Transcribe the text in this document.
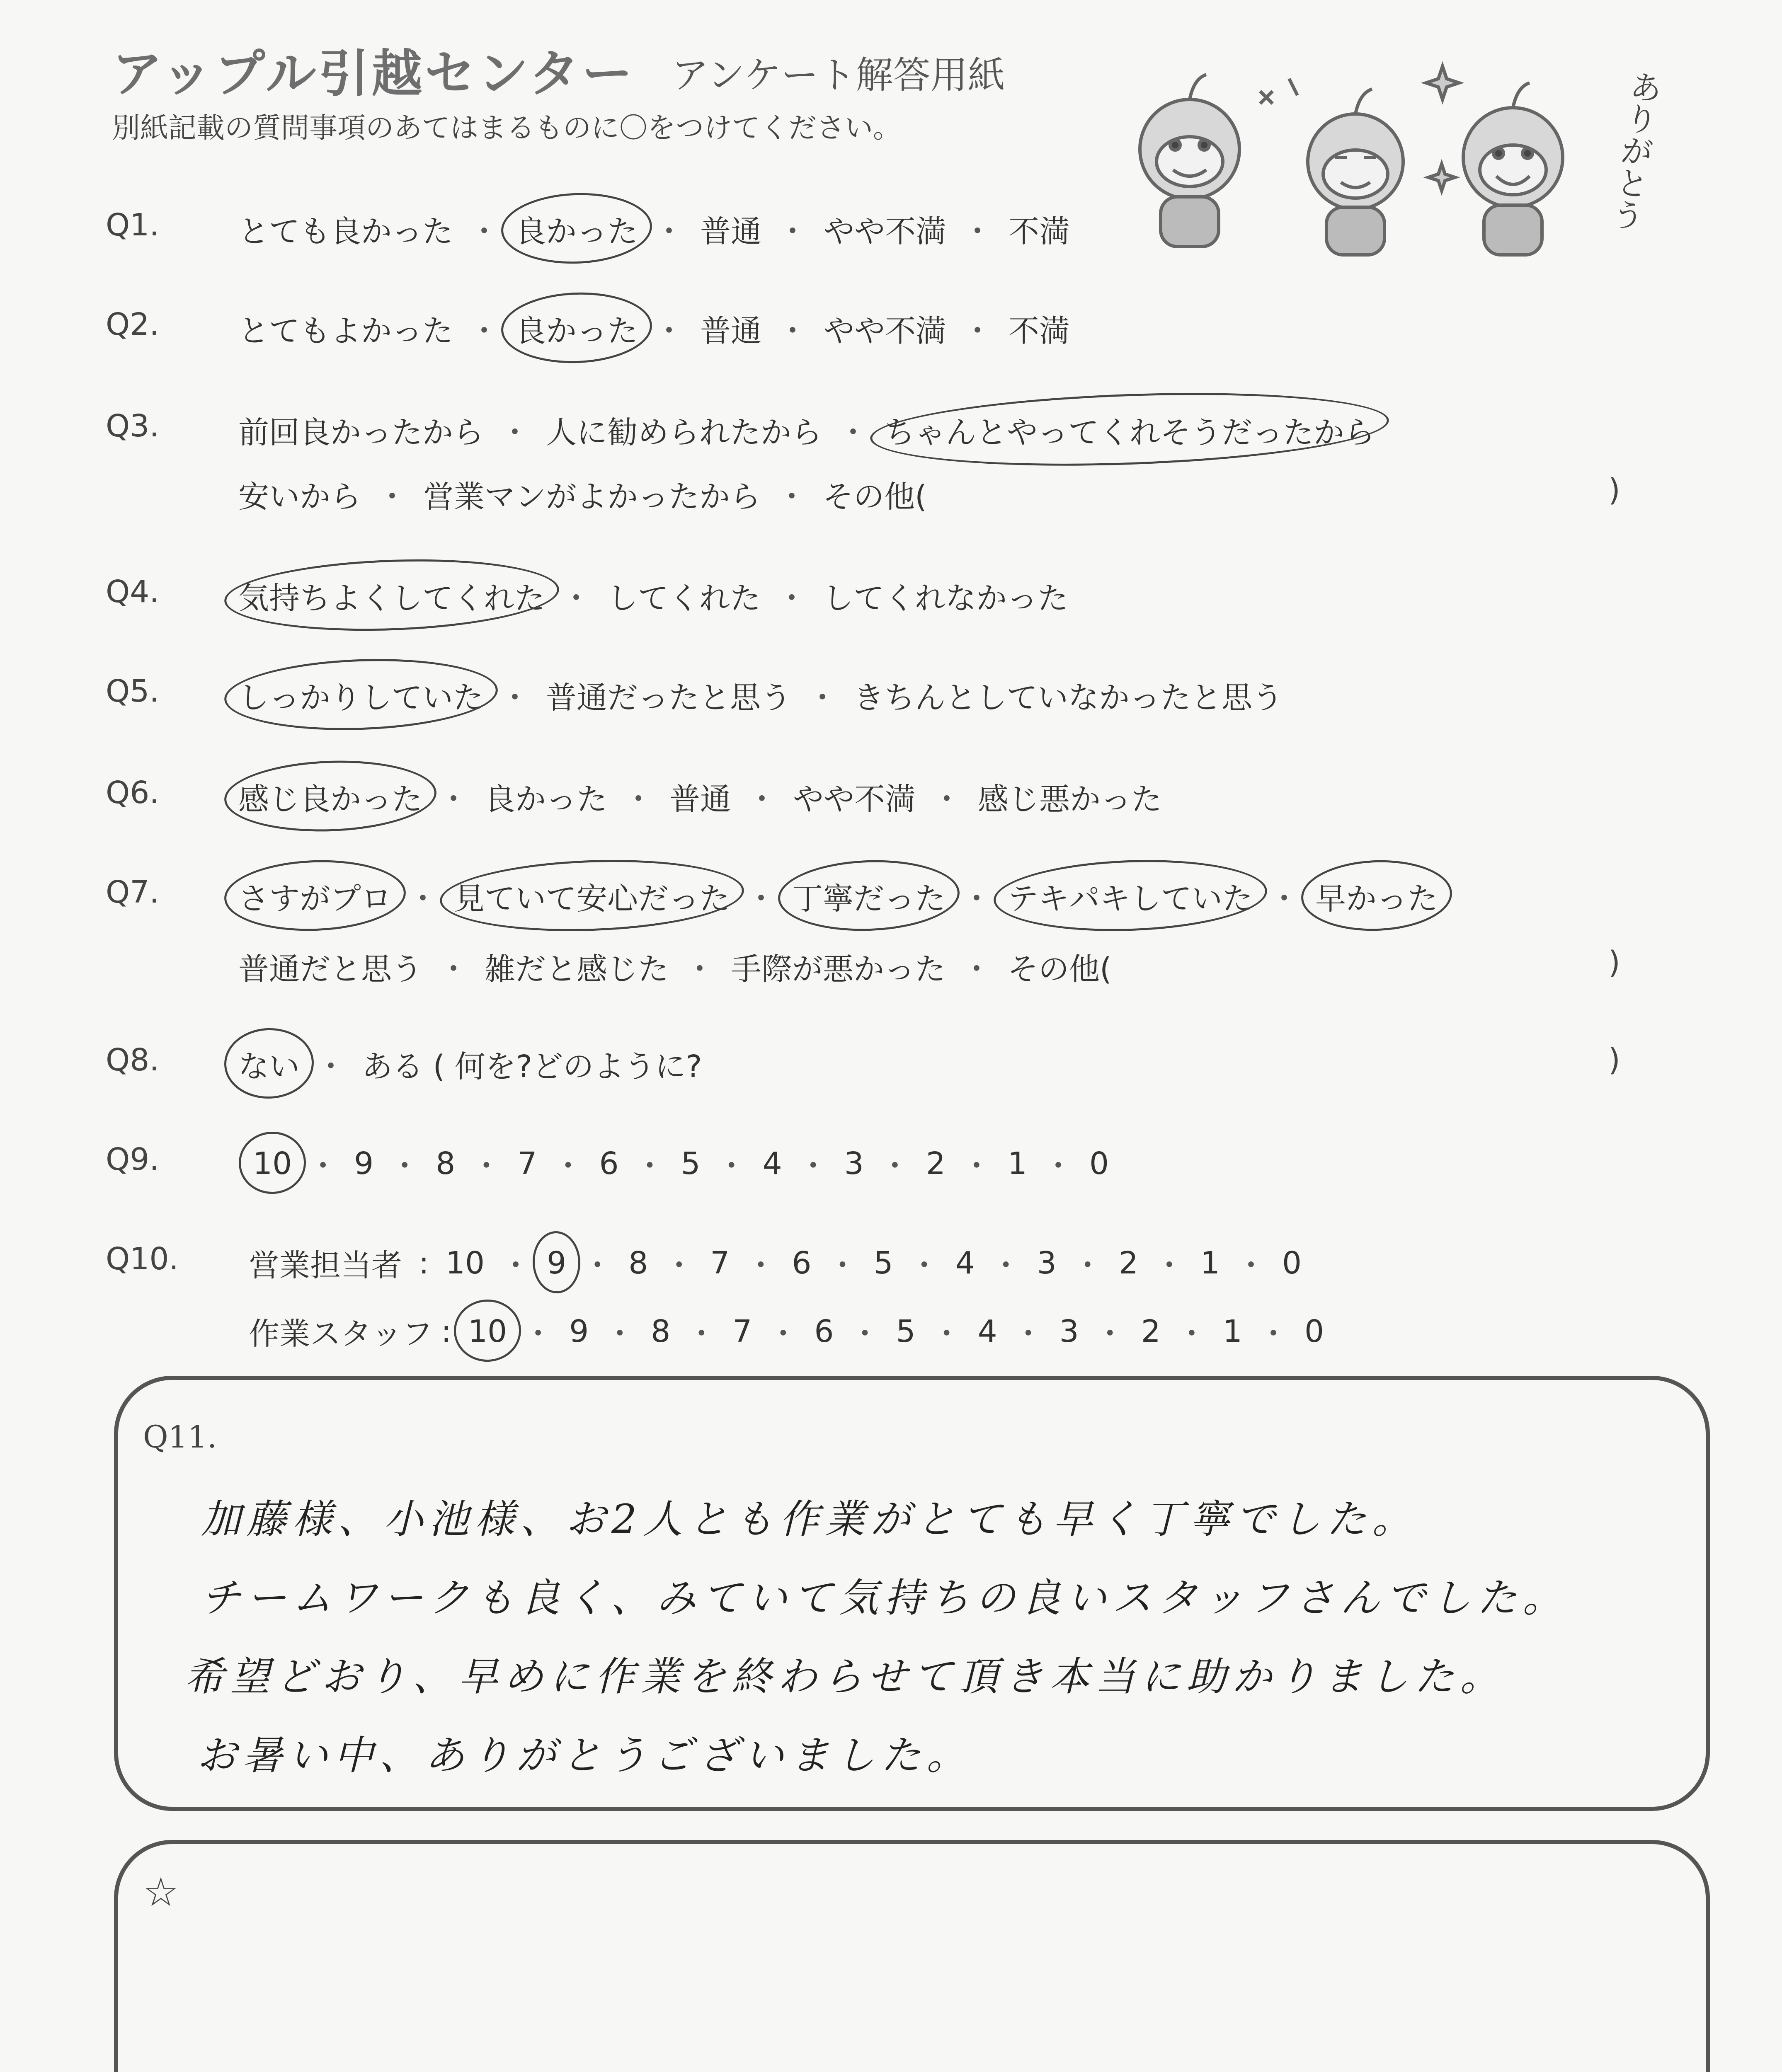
アップル引越センター アンケート解答用紙
別紙記載の質問事項のあてはまるものに〇をつけてください。	ありがとう
Q1.	とても良かった ・ 良かった ・ 普通 ・ やや不満 ・ 不満
Q2.	とてもよかった ・ 良かった ・ 普通 ・ やや不満 ・ 不満
Q3.	前回良かったから ・ 人に勧められたから ・ ちゃんとやってくれそうだったから
安いから ・ 営業マンがよかったから ・ その他(	)
Q4.	気持ちよくしてくれた ・ してくれた ・ してくれなかった
Q5.	しっかりしていた ・ 普通だったと思う ・ きちんとしていなかったと思う
Q6.	感じ良かった ・ 良かった ・ 普通 ・ やや不満 ・ 感じ悪かった
Q7.	さすがプロ ・ 見ていて安心だった ・ 丁寧だった ・ テキパキしていた ・ 早かった
普通だと思う ・ 雑だと感じた ・ 手際が悪かった ・ その他(	)
Q8.	ない ・ ある ( 何を?どのように?	)
Q9.	10 ・ 9 ・ 8 ・ 7 ・ 6 ・ 5 ・ 4 ・ 3 ・ 2 ・ 1 ・ 0
Q10. 営業担当者 : 10 ・ 9 ・ 8 ・ 7 ・ 6 ・ 5 ・ 4 ・ 3 ・ 2 ・ 1 ・ 0
作業スタッフ : 10 ・ 9 ・ 8 ・ 7 ・ 6 ・ 5 ・ 4 ・ 3 ・ 2 ・ 1 ・ 0
Q11.
加藤様、小池様、お2人とも作業がとても早く丁寧でした。
チームワークも良く、みていて気持ちの良いスタッフさんでした。
希望どおり、早めに作業を終わらせて頂き本当に助かりました。
お暑い中、ありがとうございました。
☆
